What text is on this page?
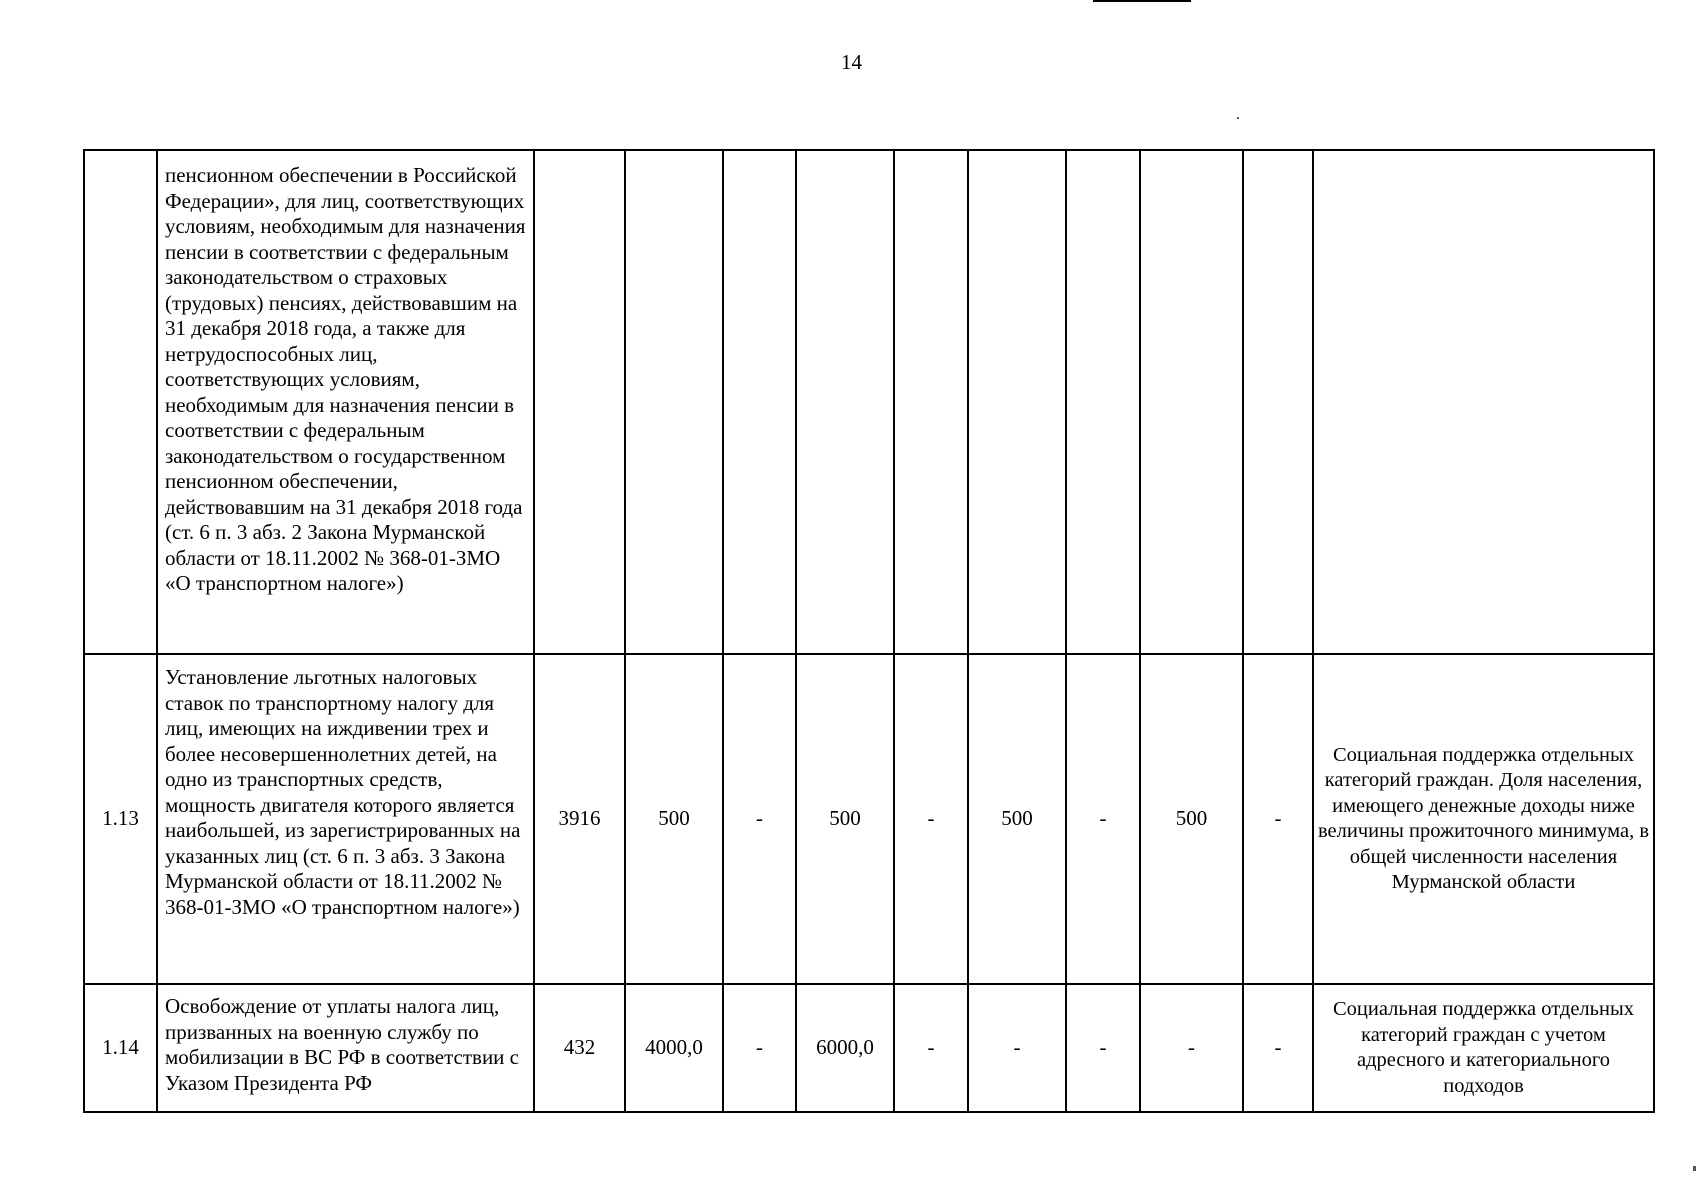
14
	пенсионном обеспечении в Российской Федерации», для лиц, соответствующих условиям, необходимым для назначения пенсии в соответствии с федеральным законодательством о страховых (трудовых) пенсиях, действовавшим на 31 декабря 2018 года, а также для нетрудоспособных лиц, соответствующих условиям, необходимым для назначения пенсии в соответствии с федеральным законодательством о государственном пенсионном обеспечении, действовавшим на 31 декабря 2018 года (ст. 6 п. 3 абз. 2 Закона Мурманской области от 18.11.2002 № 368-01-ЗМО «О транспортном налоге»)										
1.13	Установление льготных налоговых ставок по транспортному налогу для лиц, имеющих на иждивении трех и более несовершеннолетних детей, на одно из транспортных средств, мощность двигателя которого является наибольшей, из зарегистрированных на указанных лиц (ст. 6 п. 3 абз. 3 Закона Мурманской области от 18.11.2002 № 368-01-ЗМО «О транспортном налоге»)	3916	500	-	500	-	500	-	500	-	Социальная поддержка отдельных категорий граждан. Доля населения, имеющего денежные доходы ниже величины прожиточного минимума, в общей численности населения Мурманской области
1.14	Освобождение от уплаты налога лиц, призванных на военную службу по мобилизации в ВС РФ в соответствии с Указом Президента РФ	432	4000,0	-	6000,0	-	-	-	-	-	Социальная поддержка отдельных категорий граждан с учетом адресного и категориального подходов
